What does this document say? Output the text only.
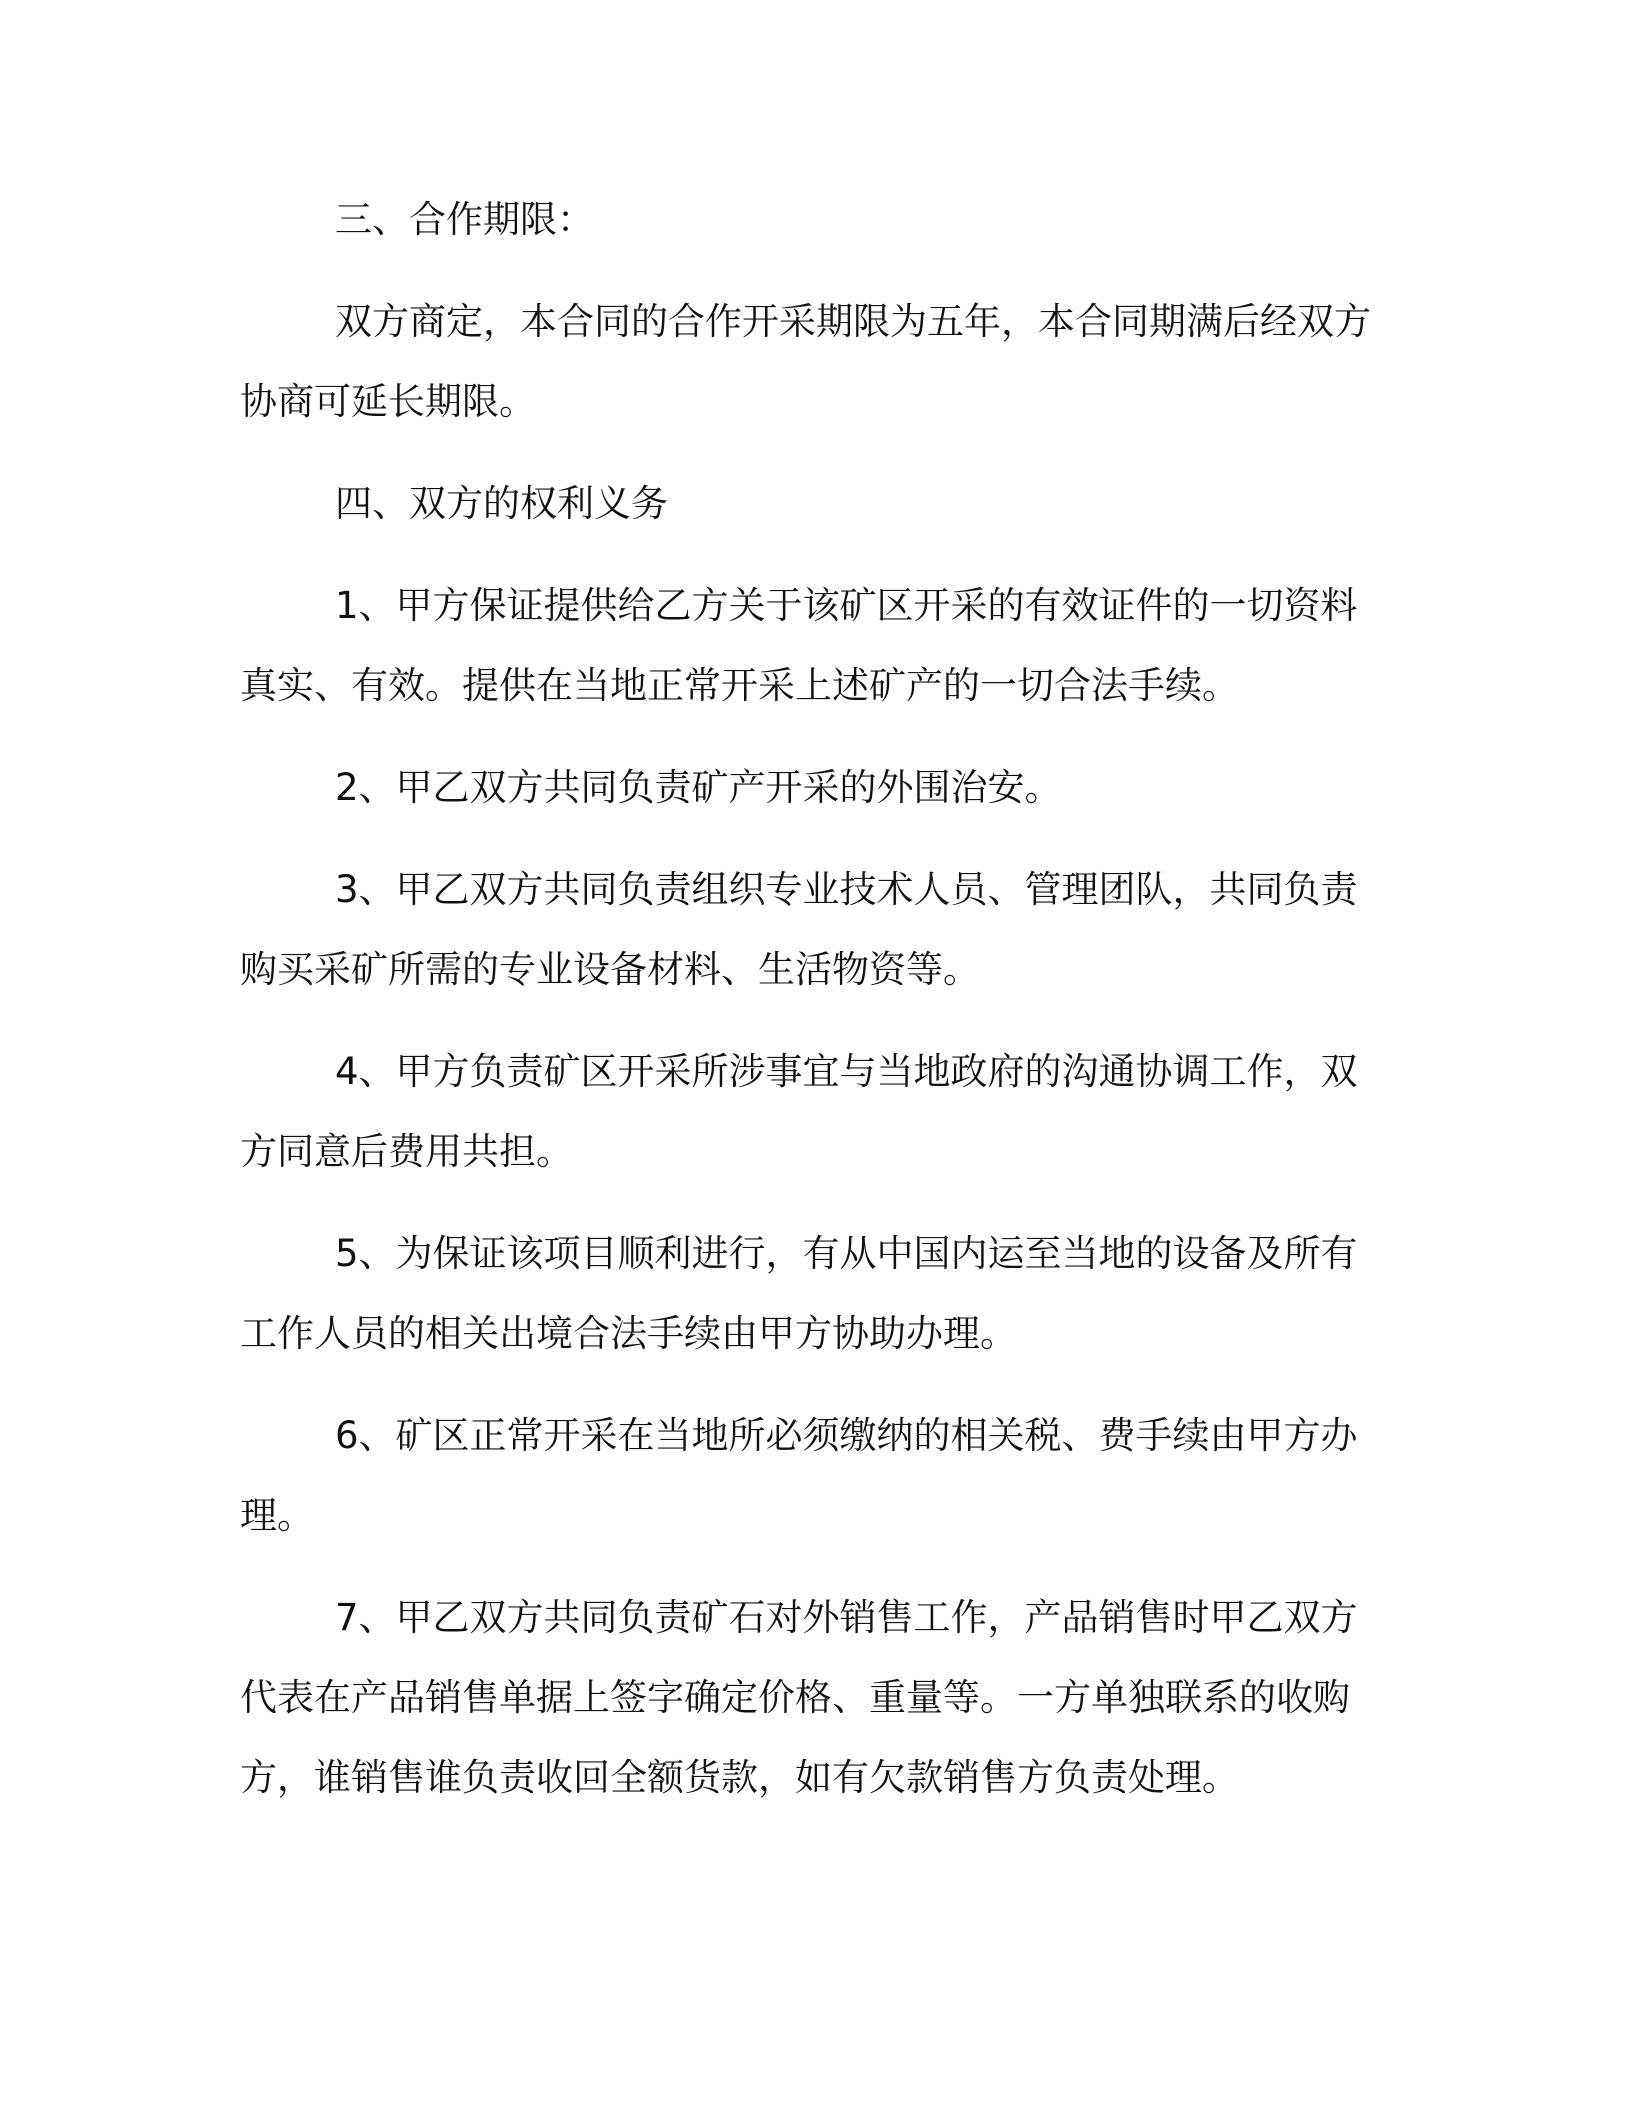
三、合作期限：

双方商定，本合同的合作开采期限为五年，本合同期满后经双方协商可延长期限。

四、双方的权利义务

1、甲方保证提供给乙方关于该矿区开采的有效证件的一切资料真实、有效。提供在当地正常开采上述矿产的一切合法手续。

2、甲乙双方共同负责矿产开采的外围治安。

3、甲乙双方共同负责组织专业技术人员、管理团队，共同负责购买采矿所需的专业设备材料、生活物资等。

4、甲方负责矿区开采所涉事宜与当地政府的沟通协调工作，双方同意后费用共担。

5、为保证该项目顺利进行，有从中国内运至当地的设备及所有工作人员的相关出境合法手续由甲方协助办理。

6、矿区正常开采在当地所必须缴纳的相关税、费手续由甲方办理。

7、甲乙双方共同负责矿石对外销售工作，产品销售时甲乙双方代表在产品销售单据上签字确定价格、重量等。一方单独联系的收购方，谁销售谁负责收回全额货款，如有欠款销售方负责处理。
